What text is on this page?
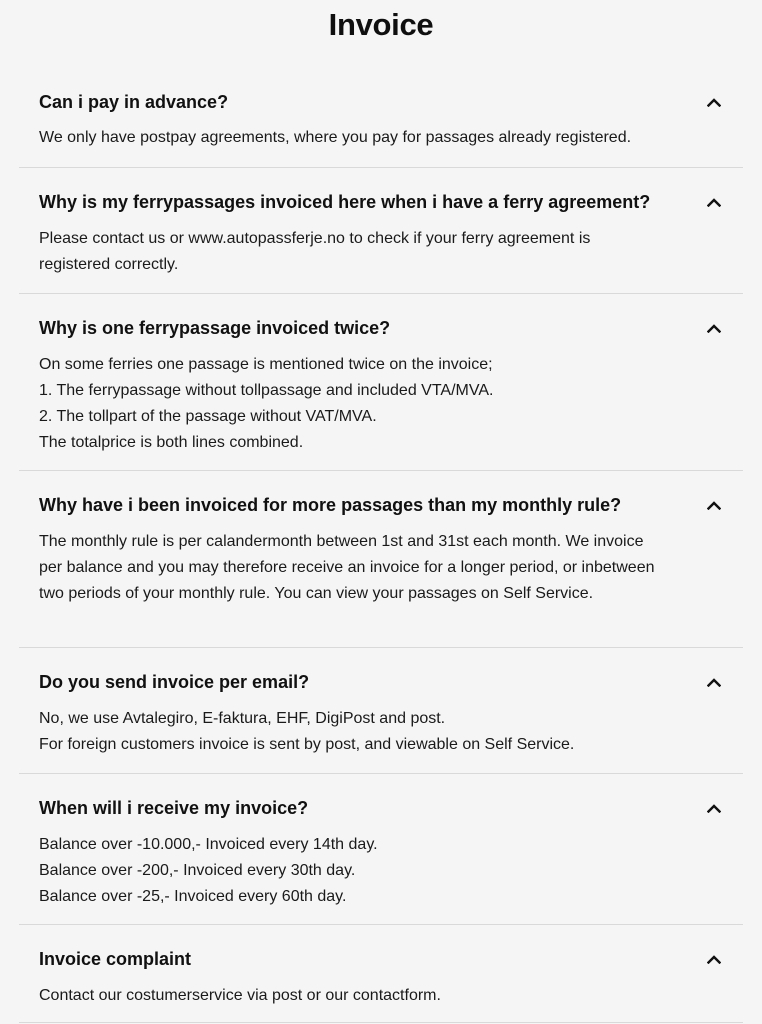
Invoice
Can i pay in advance?
We only have postpay agreements, where you pay for passages already registered.
Why is my ferrypassages invoiced here when i have a ferry agreement?
Please contact us or www.autopassferje.no to check if your ferry agreement is
registered correctly.
Why is one ferrypassage invoiced twice?
On some ferries one passage is mentioned twice on the invoice;
1. The ferrypassage without tollpassage and included VTA/MVA.
2. The tollpart of the passage without VAT/MVA.
The totalprice is both lines combined.
Why have i been invoiced for more passages than my monthly rule?
The monthly rule is per calandermonth between 1st and 31st each month. We invoice
per balance and you may therefore receive an invoice for a longer period, or inbetween
two periods of your monthly rule. You can view your passages on Self Service.
Do you send invoice per email?
No, we use Avtalegiro, E-faktura, EHF, DigiPost and post.
For foreign customers invoice is sent by post, and viewable on Self Service.
When will i receive my invoice?
Balance over -10.000,- Invoiced every 14th day.
Balance over -200,- Invoiced every 30th day.
Balance over -25,- Invoiced every 60th day.
Invoice complaint
Contact our costumerservice via post or our contactform.
